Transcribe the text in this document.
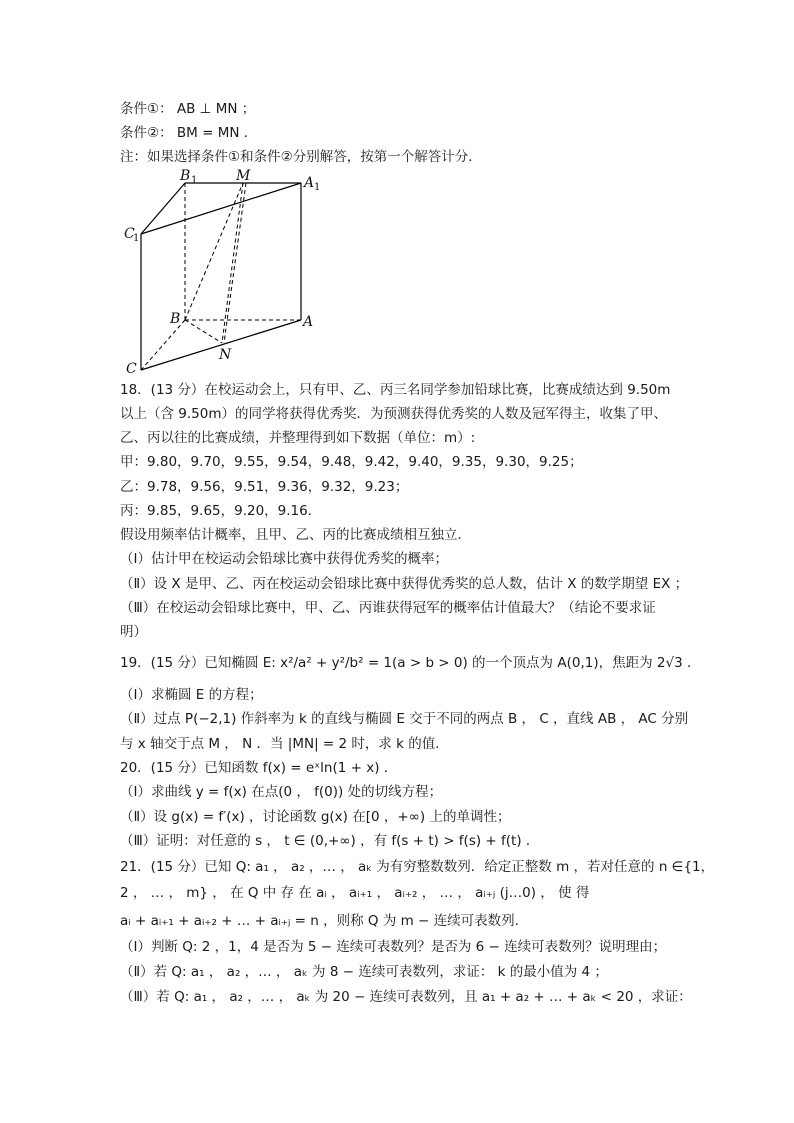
条件①： AB ⊥ MN ；
条件②： BM = MN ．
注：如果选择条件①和条件②分别解答，按第一个解答计分．
B 1	M	A 1
C
1
B	A
N
C
18．(13 分）在校运动会上，只有甲、乙、丙三名同学参加铅球比赛，比赛成绩达到 9.50m
以上（含 9.50m）的同学将获得优秀奖．为预测获得优秀奖的人数及冠军得主，收集了甲、
乙、丙以往的比赛成绩，并整理得到如下数据（单位：m）:
甲：9.80，9.70，9.55，9.54，9.48，9.42，9.40，9.35，9.30，9.25；
乙：9.78，9.56，9.51，9.36，9.32，9.23；
丙：9.85，9.65，9.20，9.16．
假设用频率估计概率，且甲、乙、丙的比赛成绩相互独立．
（Ⅰ）估计甲在校运动会铅球比赛中获得优秀奖的概率；
（Ⅱ）设 X 是甲、乙、丙在校运动会铅球比赛中获得优秀奖的总人数，估计 X 的数学期望 EX ；
（Ⅲ）在校运动会铅球比赛中，甲、乙、丙谁获得冠军的概率估计值最大？（结论不要求证
明）
19．(15 分）已知椭圆 E: x²/a² + y²/b² = 1(a > b > 0) 的一个顶点为 A(0,1)，焦距为 2√3 ．
（Ⅰ）求椭圆 E 的方程；
（Ⅱ）过点 P(−2,1) 作斜率为 k 的直线与椭圆 E 交于不同的两点 B ， C ，直线 AB ， AC 分别
与 x 轴交于点 M ， N ．当 |MN| = 2 时，求 k 的值．
20．(15 分）已知函数 f(x) = eˣln(1 + x) ．
（Ⅰ）求曲线 y = f(x) 在点(0 ， f(0)) 处的切线方程；
（Ⅱ）设 g(x) = f′(x) ，讨论函数 g(x) 在[0 ，+∞) 上的单调性；
（Ⅲ）证明：对任意的 s ， t ∈ (0,+∞) ，有 f(s + t) > f(s) + f(t) ．
21．(15 分）已知 Q: a₁ ， a₂ ，… ， aₖ 为有穷整数数列．给定正整数 m ，若对任意的 n ∈{1，
2 ， … ， m} ， 在 Q 中 存 在 aᵢ ， aᵢ₊₁ ， aᵢ₊₂ ， … ， aᵢ₊ⱼ (j…0) ， 使 得
aᵢ + aᵢ₊₁ + aᵢ₊₂ + … + aᵢ₊ⱼ = n ，则称 Q 为 m − 连续可表数列．
（Ⅰ）判断 Q: 2 ，1，4 是否为 5 − 连续可表数列？是否为 6 − 连续可表数列？说明理由；
（Ⅱ）若 Q: a₁ ， a₂ ，… ， aₖ 为 8 − 连续可表数列，求证： k 的最小值为 4 ；
（Ⅲ）若 Q: a₁ ， a₂ ，… ， aₖ 为 20 − 连续可表数列，且 a₁ + a₂ + … + aₖ < 20 ，求证：
